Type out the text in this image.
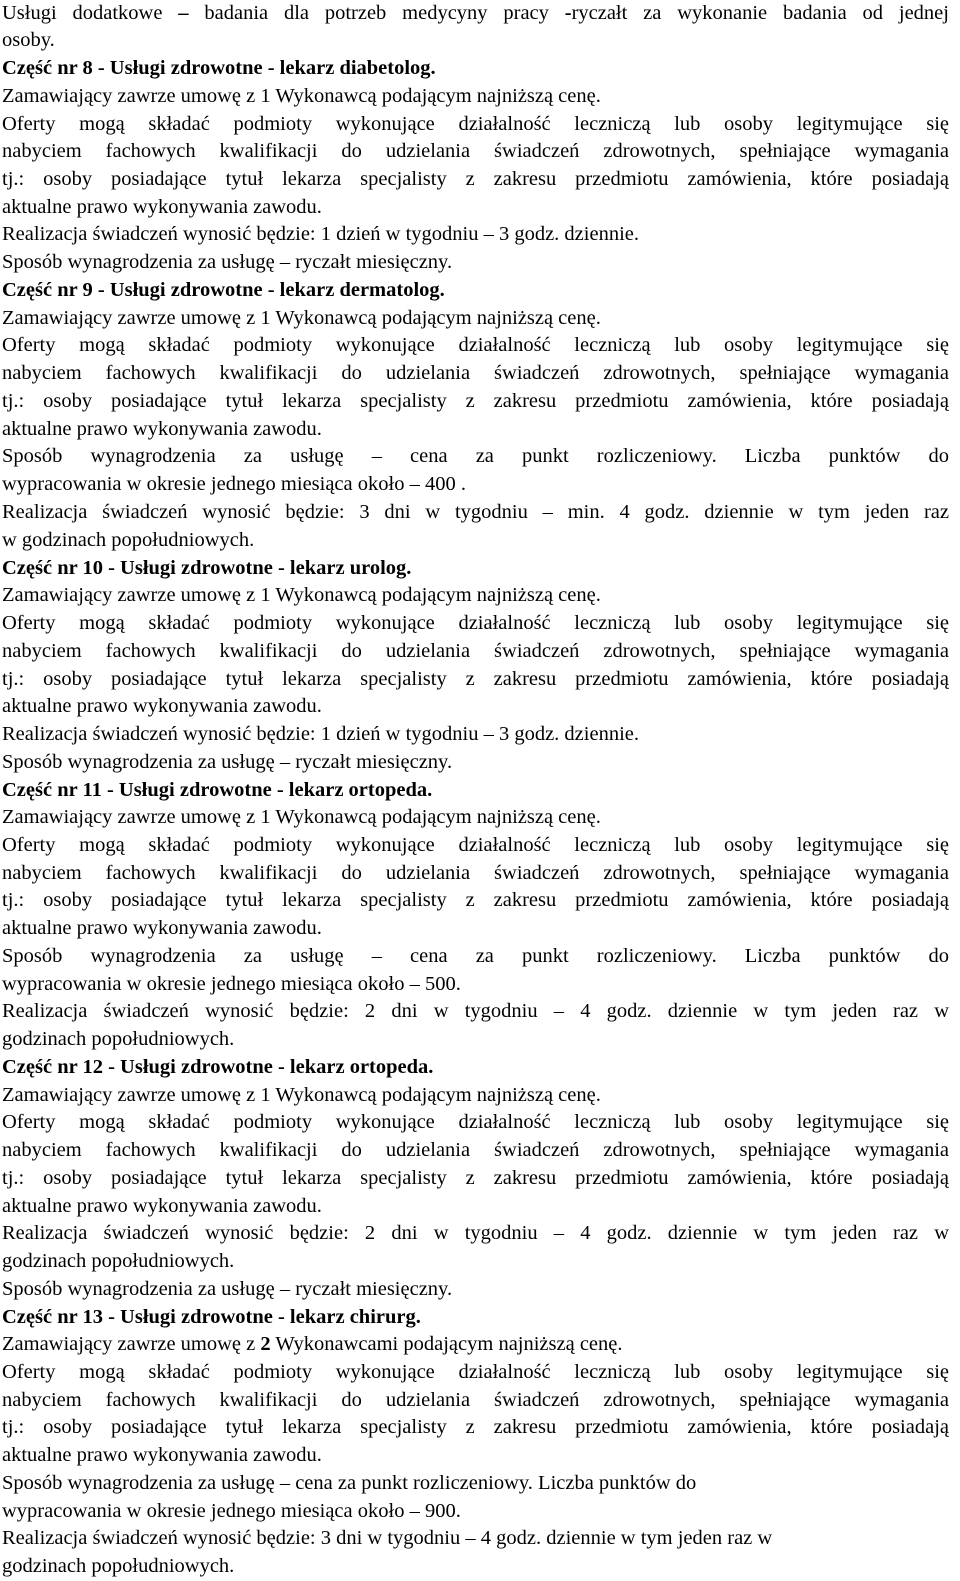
Usługi dodatkowe – badania dla potrzeb medycyny pracy -ryczałt za wykonanie badania od jednej
osoby.
Część nr 8 - Usługi zdrowotne - lekarz diabetolog.
Zamawiający zawrze umowę z 1 Wykonawcą podającym najniższą cenę.
Oferty mogą składać podmioty wykonujące działalność leczniczą lub osoby legitymujące się
nabyciem fachowych kwalifikacji do udzielania świadczeń zdrowotnych, spełniające wymagania
tj.: osoby posiadające tytuł lekarza specjalisty z zakresu przedmiotu zamówienia, które posiadają
aktualne prawo wykonywania zawodu.
Realizacja świadczeń wynosić będzie: 1 dzień w tygodniu – 3 godz. dziennie.
Sposób wynagrodzenia za usługę – ryczałt miesięczny.
Część nr 9 - Usługi zdrowotne - lekarz dermatolog.
Zamawiający zawrze umowę z 1 Wykonawcą podającym najniższą cenę.
Oferty mogą składać podmioty wykonujące działalność leczniczą lub osoby legitymujące się
nabyciem fachowych kwalifikacji do udzielania świadczeń zdrowotnych, spełniające wymagania
tj.: osoby posiadające tytuł lekarza specjalisty z zakresu przedmiotu zamówienia, które posiadają
aktualne prawo wykonywania zawodu.
Sposób wynagrodzenia za usługę – cena za punkt rozliczeniowy. Liczba punktów do
wypracowania w okresie jednego miesiąca około – 400 .
Realizacja świadczeń wynosić będzie: 3 dni w tygodniu – min. 4 godz. dziennie w tym jeden raz
w godzinach popołudniowych.
Część nr 10 - Usługi zdrowotne - lekarz urolog.
Zamawiający zawrze umowę z 1 Wykonawcą podającym najniższą cenę.
Oferty mogą składać podmioty wykonujące działalność leczniczą lub osoby legitymujące się
nabyciem fachowych kwalifikacji do udzielania świadczeń zdrowotnych, spełniające wymagania
tj.: osoby posiadające tytuł lekarza specjalisty z zakresu przedmiotu zamówienia, które posiadają
aktualne prawo wykonywania zawodu.
Realizacja świadczeń wynosić będzie: 1 dzień w tygodniu – 3 godz. dziennie.
Sposób wynagrodzenia za usługę – ryczałt miesięczny.
Część nr 11 - Usługi zdrowotne - lekarz ortopeda.
Zamawiający zawrze umowę z 1 Wykonawcą podającym najniższą cenę.
Oferty mogą składać podmioty wykonujące działalność leczniczą lub osoby legitymujące się
nabyciem fachowych kwalifikacji do udzielania świadczeń zdrowotnych, spełniające wymagania
tj.: osoby posiadające tytuł lekarza specjalisty z zakresu przedmiotu zamówienia, które posiadają
aktualne prawo wykonywania zawodu.
Sposób wynagrodzenia za usługę – cena za punkt rozliczeniowy. Liczba punktów do
wypracowania w okresie jednego miesiąca około – 500.
Realizacja świadczeń wynosić będzie: 2 dni w tygodniu – 4 godz. dziennie w tym jeden raz w
godzinach popołudniowych.
Część nr 12 - Usługi zdrowotne - lekarz ortopeda.
Zamawiający zawrze umowę z 1 Wykonawcą podającym najniższą cenę.
Oferty mogą składać podmioty wykonujące działalność leczniczą lub osoby legitymujące się
nabyciem fachowych kwalifikacji do udzielania świadczeń zdrowotnych, spełniające wymagania
tj.: osoby posiadające tytuł lekarza specjalisty z zakresu przedmiotu zamówienia, które posiadają
aktualne prawo wykonywania zawodu.
Realizacja świadczeń wynosić będzie: 2 dni w tygodniu – 4 godz. dziennie w tym jeden raz w
godzinach popołudniowych.
Sposób wynagrodzenia za usługę – ryczałt miesięczny.
Część nr 13 - Usługi zdrowotne - lekarz chirurg.
Zamawiający zawrze umowę z 2 Wykonawcami podającym najniższą cenę.
Oferty mogą składać podmioty wykonujące działalność leczniczą lub osoby legitymujące się
nabyciem fachowych kwalifikacji do udzielania świadczeń zdrowotnych, spełniające wymagania
tj.: osoby posiadające tytuł lekarza specjalisty z zakresu przedmiotu zamówienia, które posiadają
aktualne prawo wykonywania zawodu.
Sposób wynagrodzenia za usługę – cena za punkt rozliczeniowy. Liczba punktów do
wypracowania w okresie jednego miesiąca około – 900.
Realizacja świadczeń wynosić będzie: 3 dni w tygodniu – 4 godz. dziennie w tym jeden raz w
godzinach popołudniowych.
